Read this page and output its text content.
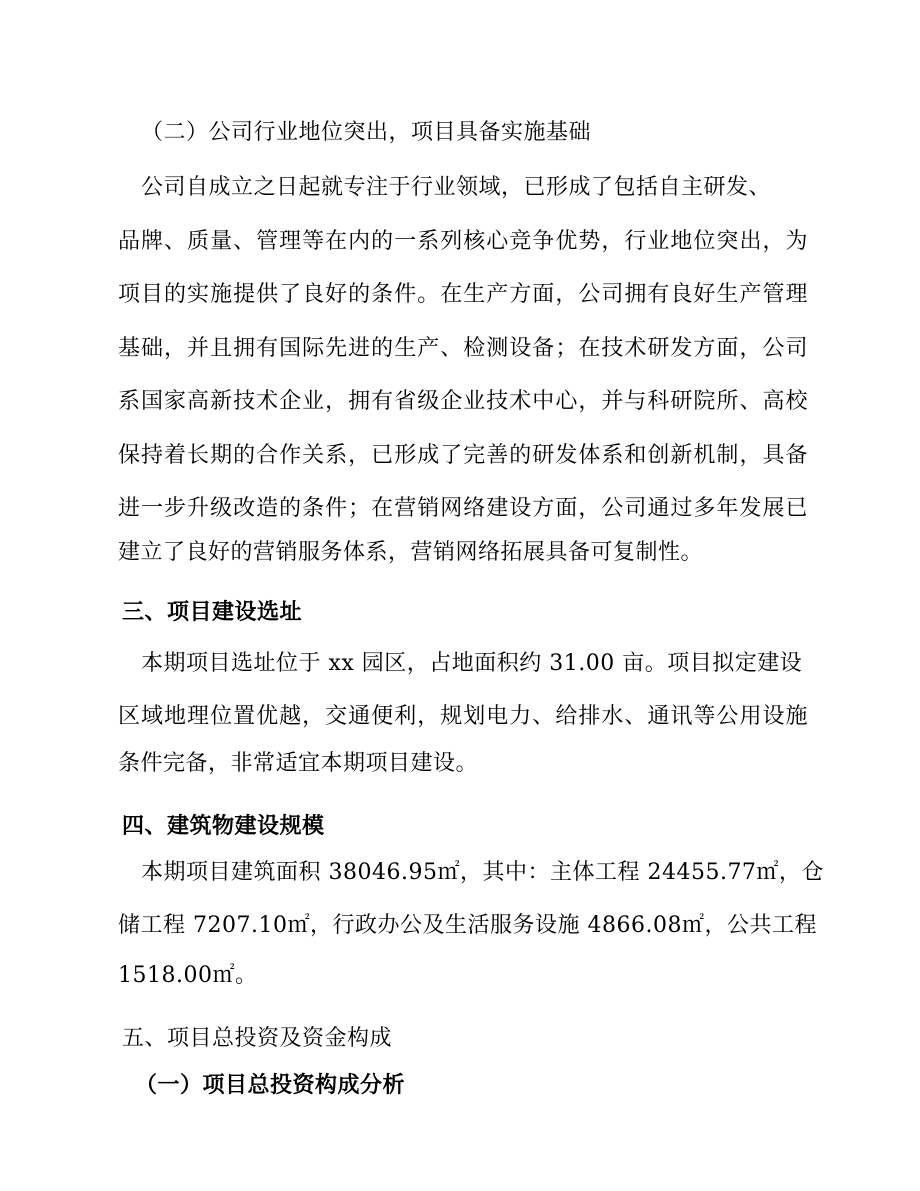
（二）公司行业地位突出，项目具备实施基础
公司自成立之日起就专注于行业领域，已形成了包括自主研发、
品牌、质量、管理等在内的一系列核心竞争优势，行业地位突出，为
项目的实施提供了良好的条件。在生产方面，公司拥有良好生产管理
基础，并且拥有国际先进的生产、检测设备；在技术研发方面，公司
系国家高新技术企业，拥有省级企业技术中心，并与科研院所、高校
保持着长期的合作关系，已形成了完善的研发体系和创新机制，具备
进一步升级改造的条件；在营销网络建设方面，公司通过多年发展已
建立了良好的营销服务体系，营销网络拓展具备可复制性。
三、项目建设选址
本期项目选址位于 xx 园区，占地面积约 31.00 亩。项目拟定建设
区域地理位置优越，交通便利，规划电力、给排水、通讯等公用设施
条件完备，非常适宜本期项目建设。
四、建筑物建设规模
本期项目建筑面积 38046.95㎡，其中：主体工程 24455.77㎡，仓
储工程 7207.10㎡，行政办公及生活服务设施 4866.08㎡，公共工程
1518.00㎡。
五、项目总投资及资金构成
（一）项目总投资构成分析
